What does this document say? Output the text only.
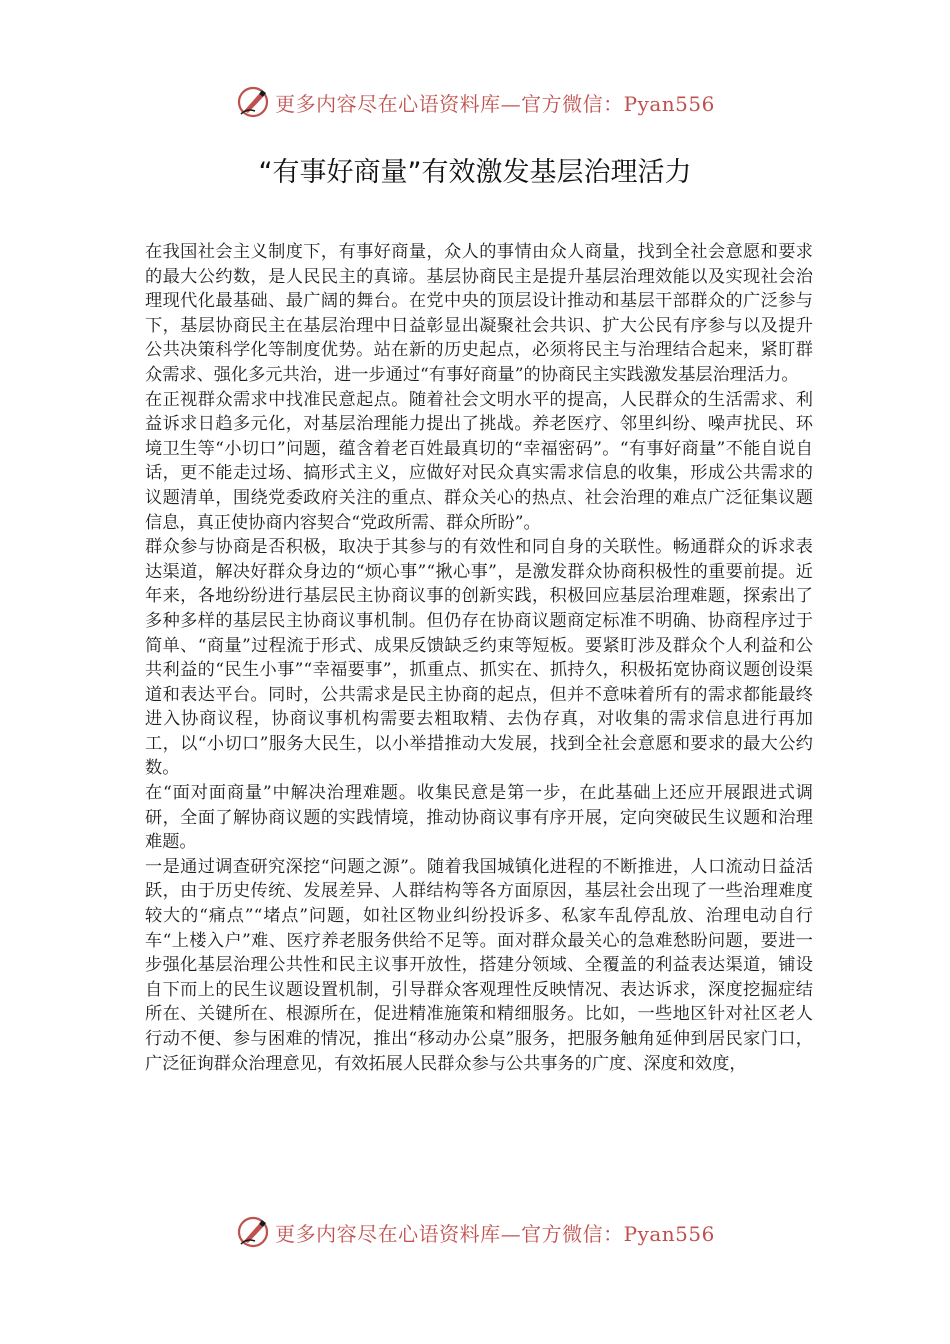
更多内容尽在心语资料库—官方微信：Pyan556
“有事好商量”有效激发基层治理活力

在我国社会主义制度下，有事好商量，众人的事情由众人商量，找到全社会意愿和要求的最大公约数，是人民民主的真谛。基层协商民主是提升基层治理效能以及实现社会治理现代化最基础、最广阔的舞台。在党中央的顶层设计推动和基层干部群众的广泛参与下，基层协商民主在基层治理中日益彰显出凝聚社会共识、扩大公民有序参与以及提升公共决策科学化等制度优势。站在新的历史起点，必须将民主与治理结合起来，紧盯群众需求、强化多元共治，进一步通过“有事好商量”的协商民主实践激发基层治理活力。

在正视群众需求中找准民意起点。随着社会文明水平的提高，人民群众的生活需求、利益诉求日趋多元化，对基层治理能力提出了挑战。养老医疗、邻里纠纷、噪声扰民、环境卫生等“小切口”问题，蕴含着老百姓最真切的“幸福密码”。“有事好商量”不能自说自话，更不能走过场、搞形式主义，应做好对民众真实需求信息的收集，形成公共需求的议题清单，围绕党委政府关注的重点、群众关心的热点、社会治理的难点广泛征集议题信息，真正使协商内容契合“党政所需、群众所盼”。

群众参与协商是否积极，取决于其参与的有效性和同自身的关联性。畅通群众的诉求表达渠道，解决好群众身边的“烦心事”“揪心事”，是激发群众协商积极性的重要前提。近年来，各地纷纷进行基层民主协商议事的创新实践，积极回应基层治理难题，探索出了多种多样的基层民主协商议事机制。但仍存在协商议题商定标准不明确、协商程序过于简单、“商量”过程流于形式、成果反馈缺乏约束等短板。要紧盯涉及群众个人利益和公共利益的“民生小事”“幸福要事”，抓重点、抓实在、抓持久，积极拓宽协商议题创设渠道和表达平台。同时，公共需求是民主协商的起点，但并不意味着所有的需求都能最终进入协商议程，协商议事机构需要去粗取精、去伪存真，对收集的需求信息进行再加工，以“小切口”服务大民生，以小举措推动大发展，找到全社会意愿和要求的最大公约数。

在“面对面商量”中解决治理难题。收集民意是第一步，在此基础上还应开展跟进式调研，全面了解协商议题的实践情境，推动协商议事有序开展，定向突破民生议题和治理难题。

一是通过调查研究深挖“问题之源”。随着我国城镇化进程的不断推进，人口流动日益活跃，由于历史传统、发展差异、人群结构等各方面原因，基层社会出现了一些治理难度较大的“痛点”“堵点”问题，如社区物业纠纷投诉多、私家车乱停乱放、治理电动自行车“上楼入户”难、医疗养老服务供给不足等。面对群众最关心的急难愁盼问题，要进一步强化基层治理公共性和民主议事开放性，搭建分领域、全覆盖的利益表达渠道，铺设自下而上的民生议题设置机制，引导群众客观理性反映情况、表达诉求，深度挖掘症结所在、关键所在、根源所在，促进精准施策和精细服务。比如，一些地区针对社区老人行动不便、参与困难的情况，推出“移动办公桌”服务，把服务触角延伸到居民家门口，广泛征询群众治理意见，有效拓展人民群众参与公共事务的广度、深度和效度，

更多内容尽在心语资料库—官方微信：Pyan556
